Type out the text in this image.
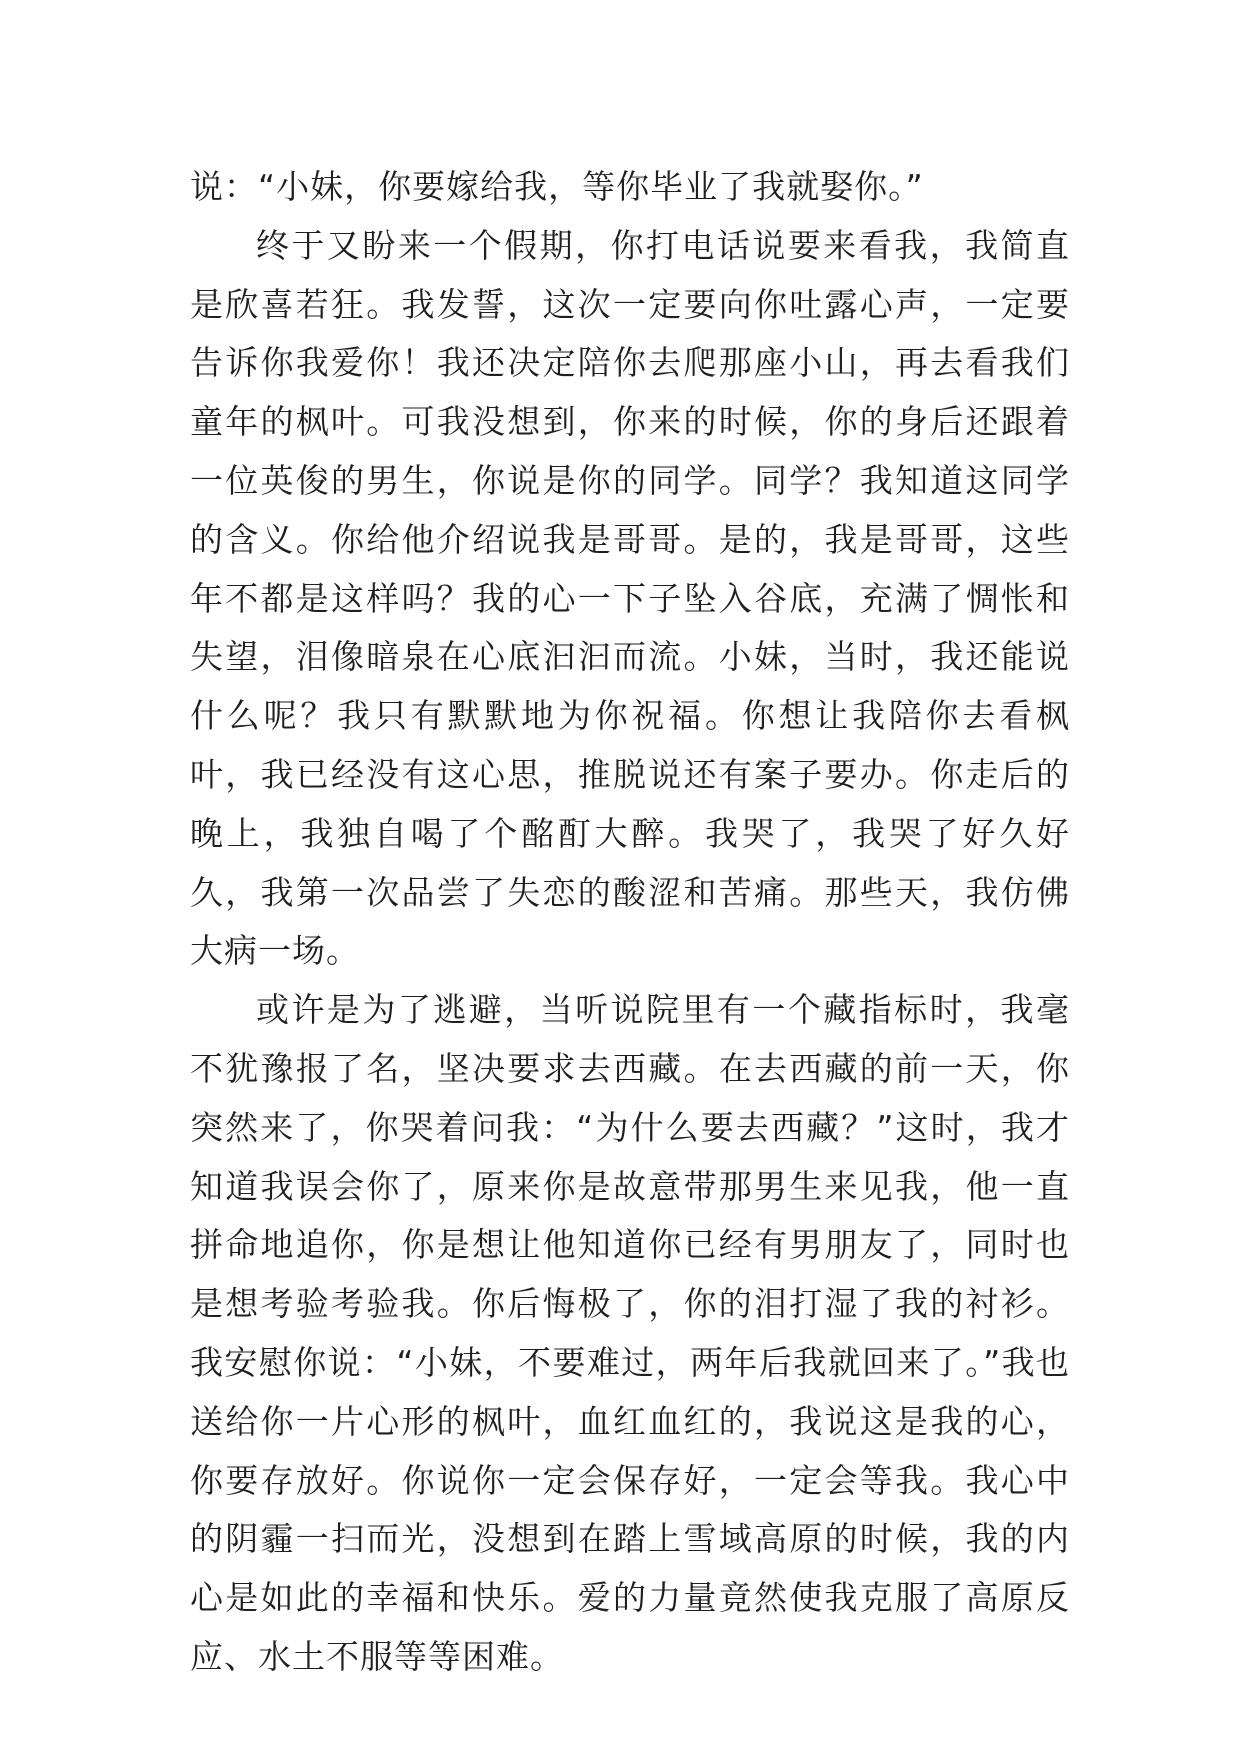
说：“小妹，你要嫁给我，等你毕业了我就娶你。”

终于又盼来一个假期，你打电话说要来看我，我简直是欣喜若狂。我发誓，这次一定要向你吐露心声，一定要告诉你我爱你！我还决定陪你去爬那座小山，再去看我们童年的枫叶。可我没想到，你来的时候，你的身后还跟着一位英俊的男生，你说是你的同学。同学？我知道这同学的含义。你给他介绍说我是哥哥。是的，我是哥哥，这些年不都是这样吗？我的心一下子坠入谷底，充满了惆怅和失望，泪像暗泉在心底汩汩而流。小妹，当时，我还能说什么呢？我只有默默地为你祝福。你想让我陪你去看枫叶，我已经没有这心思，推脱说还有案子要办。你走后的晚上，我独自喝了个酩酊大醉。我哭了，我哭了好久好久，我第一次品尝了失恋的酸涩和苦痛。那些天，我仿佛大病一场。

或许是为了逃避，当听说院里有一个藏指标时，我毫不犹豫报了名，坚决要求去西藏。在去西藏的前一天，你突然来了，你哭着问我：“为什么要去西藏？”这时，我才知道我误会你了，原来你是故意带那男生来见我，他一直拼命地追你，你是想让他知道你已经有男朋友了，同时也是想考验考验我。你后悔极了，你的泪打湿了我的衬衫。我安慰你说：“小妹，不要难过，两年后我就回来了。”我也送给你一片心形的枫叶，血红血红的，我说这是我的心，你要存放好。你说你一定会保存好，一定会等我。我心中的阴霾一扫而光，没想到在踏上雪域高原的时候，我的内心是如此的幸福和快乐。爱的力量竟然使我克服了高原反应、水土不服等等困难。
